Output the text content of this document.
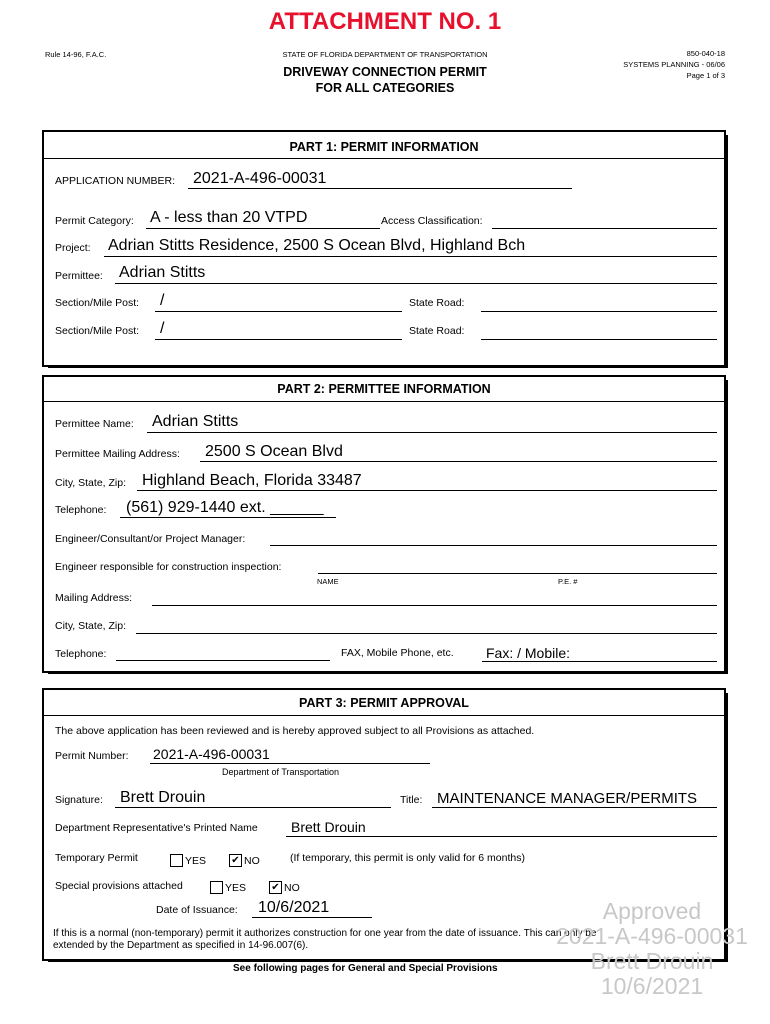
ATTACHMENT NO. 1
Rule 14-96, F.A.C.	STATE OF FLORIDA DEPARTMENT OF TRANSPORTATION	850-040-18
SYSTEMS PLANNING - 06/06
Page 1 of 3
DRIVEWAY CONNECTION PERMIT
FOR ALL CATEGORIES
PART 1: PERMIT INFORMATION
APPLICATION NUMBER: 2021-A-496-00031
Permit Category: A - less than 20 VTPD	Access Classification:
Project: Adrian Stitts Residence, 2500 S Ocean Blvd, Highland Bch
Permittee: Adrian Stitts
Section/Mile Post: /	State Road:
Section/Mile Post: /	State Road:
PART 2: PERMITTEE INFORMATION
Permittee Name: Adrian Stitts
Permittee Mailing Address: 2500 S Ocean Blvd
City, State, Zip: Highland Beach, Florida 33487
Telephone: (561) 929-1440 ext. ______
Engineer/Consultant/or Project Manager:
Engineer responsible for construction inspection:
NAME	P.E. #
Mailing Address:
City, State, Zip:
Telephone:	FAX, Mobile Phone, etc. Fax: / Mobile:
PART 3: PERMIT APPROVAL
The above application has been reviewed and is hereby approved subject to all Provisions as attached.
Permit Number: 2021-A-496-00031
Department of Transportation
Signature: Brett Drouin	Title: MAINTENANCE MANAGER/PERMITS
Department Representative's Printed Name Brett Drouin
Temporary Permit	YES	✔ NO	(If temporary, this permit is only valid for 6 months)
Special provisions attached	YES	✔ NO
Date of Issuance: 10/6/2021
If this is a normal (non-temporary) permit it authorizes construction for one year from the date of issuance. This can only be
extended by the Department as specified in 14-96.007(6).
See following pages for General and Special Provisions
Approved
2021-A-496-00031
Brett Drouin
10/6/2021
